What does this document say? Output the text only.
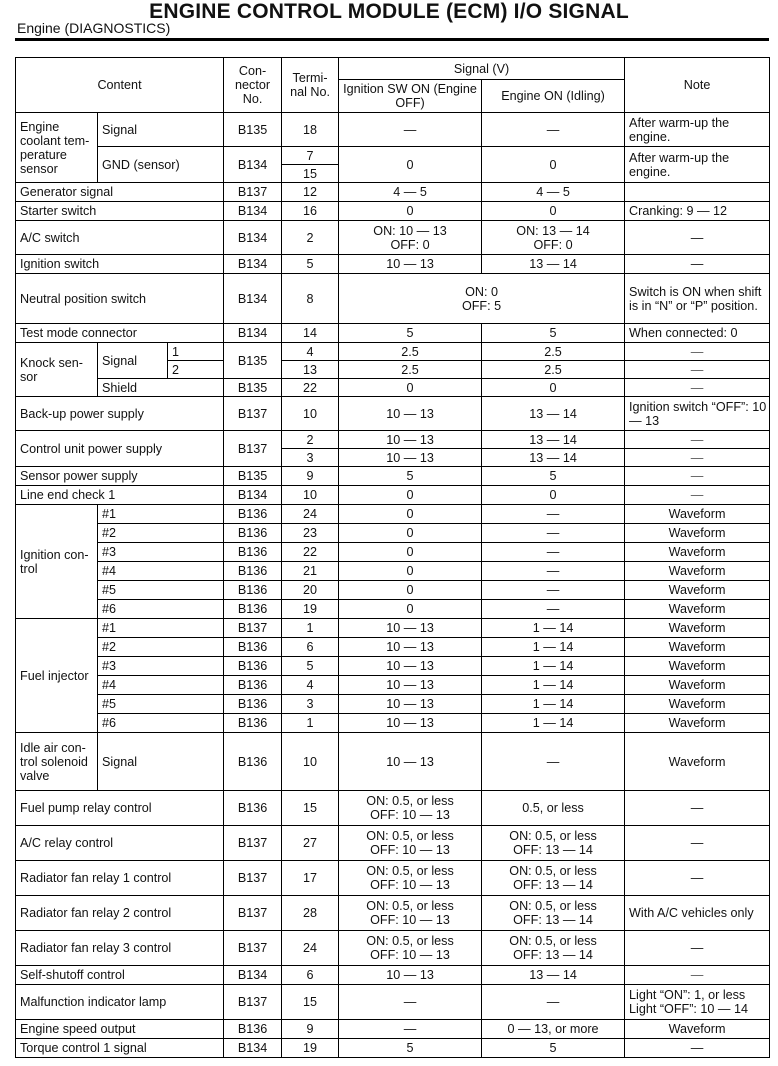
ENGINE CONTROL MODULE (ECM) I/O SIGNAL
Engine (DIAGNOSTICS)
Content			Con- nector No.	Termi- nal No.	Signal (V)		Note
					Ignition SW ON (Engine OFF)	Engine ON (Idling)	
Engine coolant tem- perature sensor	Signal		B135	18	—	—	After warm-up the engine.
	GND (sensor)		B134	7	0	0	After warm-up the engine.
				15			
Generator signal			B137	12	4 — 5	4 — 5	
Starter switch			B134	16	0	0	Cranking: 9 — 12
A/C switch			B134	2	ON: 10 — 13
OFF: 0	ON: 13 — 14
OFF: 0	—
Ignition switch			B134	5	10 — 13	13 — 14	—
Neutral position switch			B134	8	ON: 0
OFF: 5		Switch is ON when shift is in “N” or “P” position.
Test mode connector			B134	14	5	5	When connected: 0
Knock sen- sor	Signal	1	B135	4	2.5	2.5	—
		2		13	2.5	2.5	—
	Shield		B135	22	0	0	—
Back-up power supply			B137	10	10 — 13	13 — 14	Ignition switch “OFF”: 10 — 13
Control unit power supply			B137	2	10 — 13	13 — 14	—
				3	10 — 13	13 — 14	—
Sensor power supply			B135	9	5	5	—
Line end check 1			B134	10	0	0	—
Ignition con- trol	#1		B136	24	0	—	Waveform
	#2		B136	23	0	—	Waveform
	#3		B136	22	0	—	Waveform
	#4		B136	21	0	—	Waveform
	#5		B136	20	0	—	Waveform
	#6		B136	19	0	—	Waveform
Fuel injector	#1		B137	1	10 — 13	1 — 14	Waveform
	#2		B136	6	10 — 13	1 — 14	Waveform
	#3		B136	5	10 — 13	1 — 14	Waveform
	#4		B136	4	10 — 13	1 — 14	Waveform
	#5		B136	3	10 — 13	1 — 14	Waveform
	#6		B136	1	10 — 13	1 — 14	Waveform
Idle air con- trol solenoid valve	Signal		B136	10	10 — 13	—	Waveform
Fuel pump relay control			B136	15	ON: 0.5, or less
OFF: 10 — 13	0.5, or less	—
A/C relay control			B137	27	ON: 0.5, or less
OFF: 10 — 13	ON: 0.5, or less
OFF: 13 — 14	—
Radiator fan relay 1 control			B137	17	ON: 0.5, or less
OFF: 10 — 13	ON: 0.5, or less
OFF: 13 — 14	—
Radiator fan relay 2 control			B137	28	ON: 0.5, or less
OFF: 10 — 13	ON: 0.5, or less
OFF: 13 — 14	With A/C vehicles only
Radiator fan relay 3 control			B137	24	ON: 0.5, or less
OFF: 10 — 13	ON: 0.5, or less
OFF: 13 — 14	—
Self-shutoff control			B134	6	10 — 13	13 — 14	—
Malfunction indicator lamp			B137	15	—	—	Light “ON”: 1, or less
Light “OFF”: 10 — 14
Engine speed output			B136	9	—	0 — 13, or more	Waveform
Torque control 1 signal			B134	19	5	5	—
